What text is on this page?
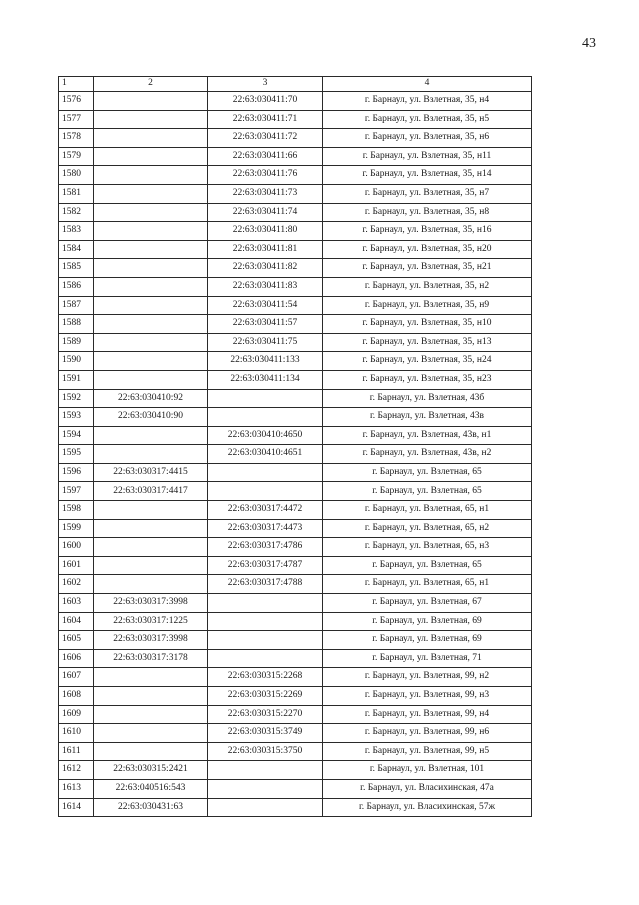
43
1	2	3	4
1576		22:63:030411:70	г. Барнаул, ул. Взлетная, 35, н4
1577		22:63:030411:71	г. Барнаул, ул. Взлетная, 35, н5
1578		22:63:030411:72	г. Барнаул, ул. Взлетная, 35, н6
1579		22:63:030411:66	г. Барнаул, ул. Взлетная, 35, н11
1580		22:63:030411:76	г. Барнаул, ул. Взлетная, 35, н14
1581		22:63:030411:73	г. Барнаул, ул. Взлетная, 35, н7
1582		22:63:030411:74	г. Барнаул, ул. Взлетная, 35, н8
1583		22:63:030411:80	г. Барнаул, ул. Взлетная, 35, н16
1584		22:63:030411:81	г. Барнаул, ул. Взлетная, 35, н20
1585		22:63:030411:82	г. Барнаул, ул. Взлетная, 35, н21
1586		22:63:030411:83	г. Барнаул, ул. Взлетная, 35, н2
1587		22:63:030411:54	г. Барнаул, ул. Взлетная, 35, н9
1588		22:63:030411:57	г. Барнаул, ул. Взлетная, 35, н10
1589		22:63:030411:75	г. Барнаул, ул. Взлетная, 35, н13
1590		22:63:030411:133	г. Барнаул, ул. Взлетная, 35, н24
1591		22:63:030411:134	г. Барнаул, ул. Взлетная, 35, н23
1592	22:63:030410:92		г. Барнаул, ул. Взлетная, 43б
1593	22:63:030410:90		г. Барнаул, ул. Взлетная, 43в
1594		22:63:030410:4650	г. Барнаул, ул. Взлетная, 43в, н1
1595		22:63:030410:4651	г. Барнаул, ул. Взлетная, 43в, н2
1596	22:63:030317:4415		г. Барнаул, ул. Взлетная, 65
1597	22:63:030317:4417		г. Барнаул, ул. Взлетная, 65
1598		22:63:030317:4472	г. Барнаул, ул. Взлетная, 65, н1
1599		22:63:030317:4473	г. Барнаул, ул. Взлетная, 65, н2
1600		22:63:030317:4786	г. Барнаул, ул. Взлетная, 65, н3
1601		22:63:030317:4787	г. Барнаул, ул. Взлетная, 65
1602		22:63:030317:4788	г. Барнаул, ул. Взлетная, 65, н1
1603	22:63:030317:3998		г. Барнаул, ул. Взлетная, 67
1604	22:63:030317:1225		г. Барнаул, ул. Взлетная, 69
1605	22:63:030317:3998		г. Барнаул, ул. Взлетная, 69
1606	22:63:030317:3178		г. Барнаул, ул. Взлетная, 71
1607		22:63:030315:2268	г. Барнаул, ул. Взлетная, 99, н2
1608		22:63:030315:2269	г. Барнаул, ул. Взлетная, 99, н3
1609		22:63:030315:2270	г. Барнаул, ул. Взлетная, 99, н4
1610		22:63:030315:3749	г. Барнаул, ул. Взлетная, 99, н6
1611		22:63:030315:3750	г. Барнаул, ул. Взлетная, 99, н5
1612	22:63:030315:2421		г. Барнаул, ул. Взлетная, 101
1613	22:63:040516:543		г. Барнаул, ул. Власихинская, 47а
1614	22:63:030431:63		г. Барнаул, ул. Власихинская, 57ж
